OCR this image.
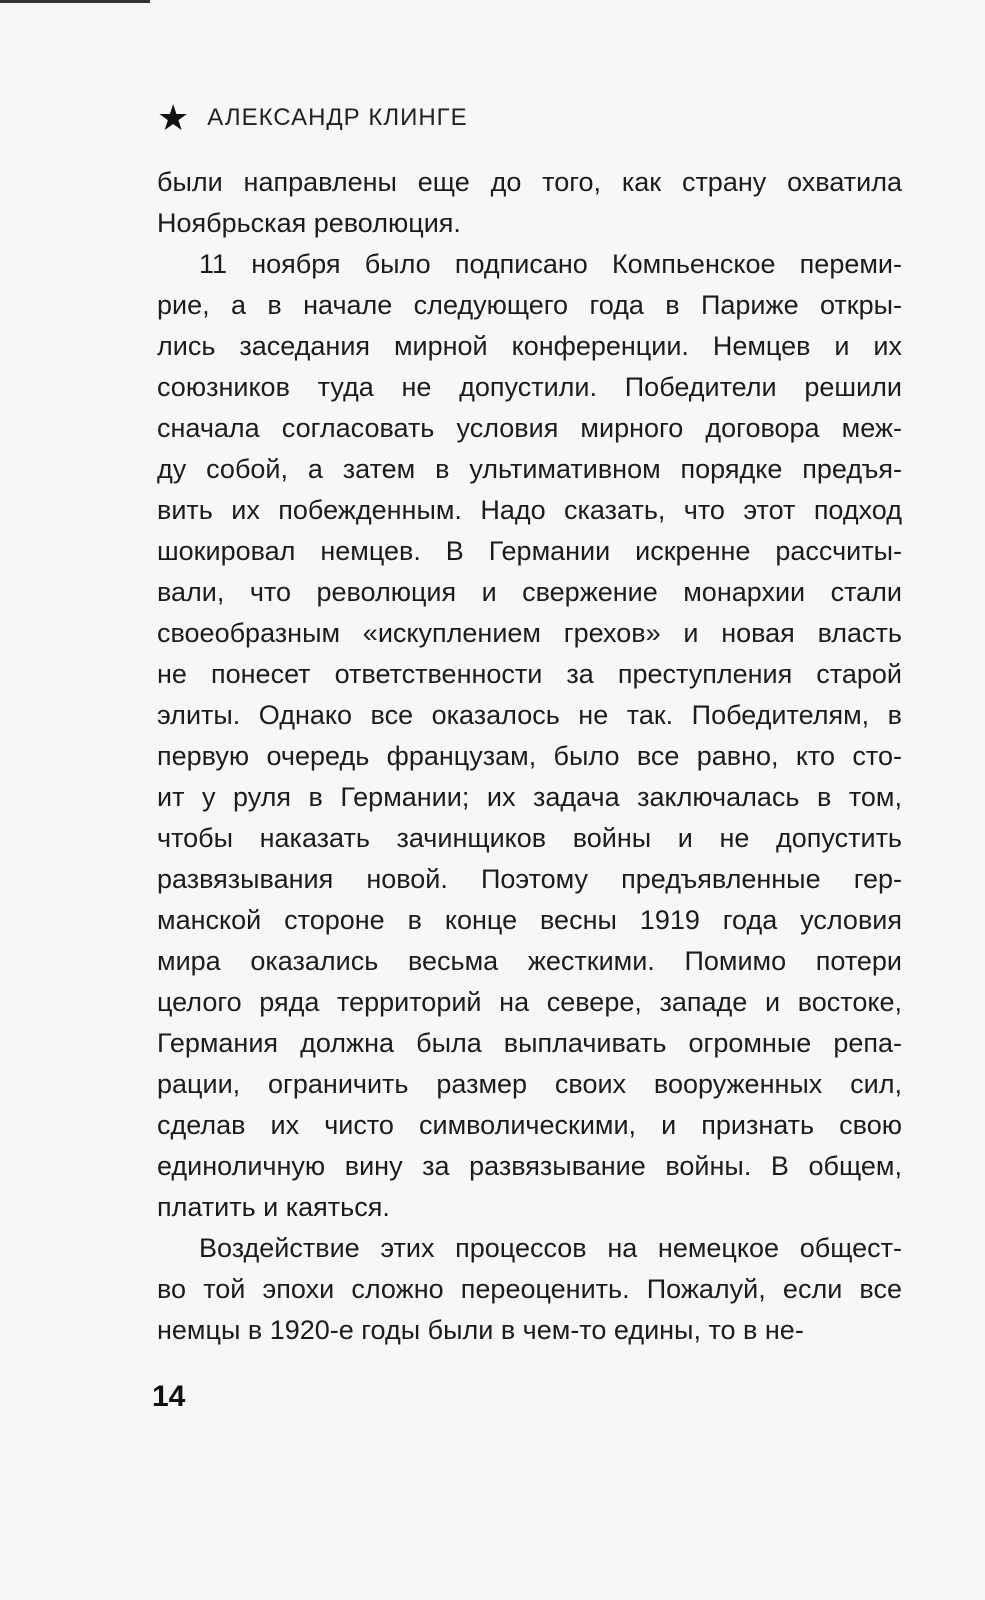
★ АЛЕКСАНДР КЛИНГЕ
были направлены еще до того, как страну охватила
Ноябрьская революция.
11 ноября было подписано Компьенское переми-
рие, а в начале следующего года в Париже откры-
лись заседания мирной конференции. Немцев и их
союзников туда не допустили. Победители решили
сначала согласовать условия мирного договора меж-
ду собой, а затем в ультимативном порядке предъя-
вить их побежденным. Надо сказать, что этот подход
шокировал немцев. В Германии искренне рассчиты-
вали, что революция и свержение монархии стали
своеобразным «искуплением грехов» и новая власть
не понесет ответственности за преступления старой
элиты. Однако все оказалось не так. Победителям, в
первую очередь французам, было все равно, кто сто-
ит у руля в Германии; их задача заключалась в том,
чтобы наказать зачинщиков войны и не допустить
развязывания новой. Поэтому предъявленные гер-
манской стороне в конце весны 1919 года условия
мира оказались весьма жесткими. Помимо потери
целого ряда территорий на севере, западе и востоке,
Германия должна была выплачивать огромные репа-
рации, ограничить размер своих вооруженных сил,
сделав их чисто символическими, и признать свою
единоличную вину за развязывание войны. В общем,
платить и каяться.
Воздействие этих процессов на немецкое общест-
во той эпохи сложно переоценить. Пожалуй, если все
немцы в 1920-е годы были в чем-то едины, то в не-
14
